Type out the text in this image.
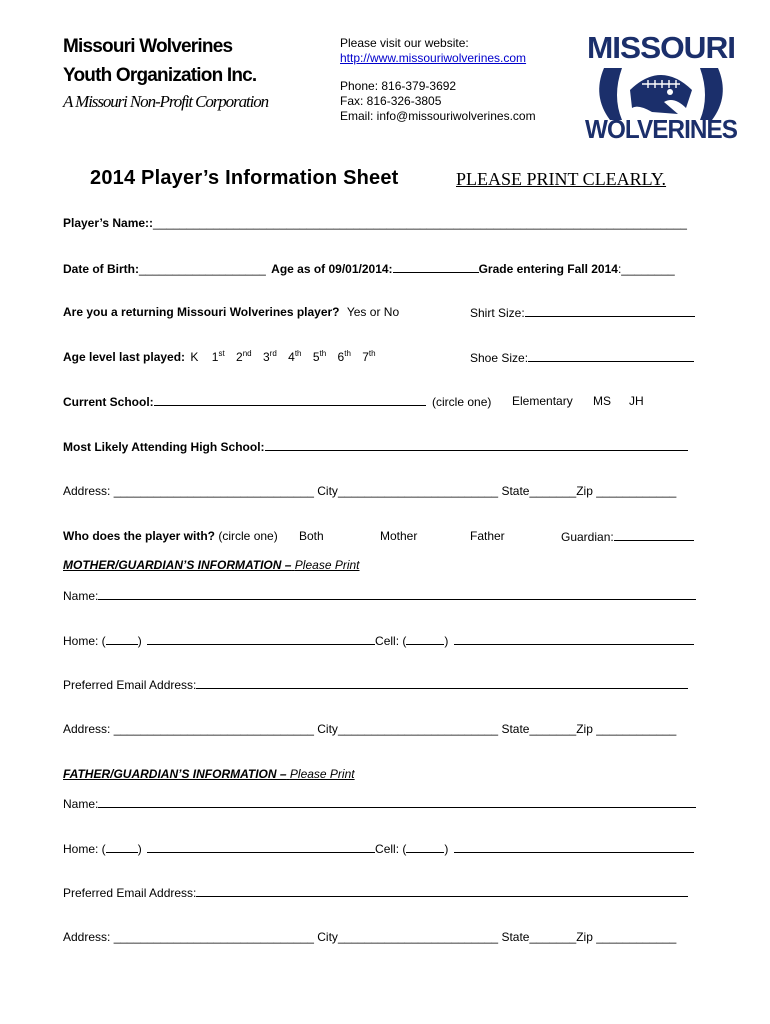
Missouri Wolverines
Youth Organization Inc.
A Missouri Non-Profit Corporation
Please visit our website:
http://www.missouriwolverines.com
Phone: 816-379-3692
Fax: 816-326-3805
Email: info@missouriwolverines.com
MISSOURI
WOLVERINES
2014 Player’s Information Sheet	PLEASE PRINT CLEARLY.
Player’s Name::________________________________________________________________________________
Date of Birth:___________________ Age as of 09/01/2014:	Grade entering Fall 2014:________
Are you a returning Missouri Wolverines player? Yes or No	Shirt Size:
Age level last played: K 1st 2nd 3rd 4th 5th 6th 7th	Shoe Size:
Current School:	(circle one) Elementary MS JH
Most Likely Attending High School:
Address: ______________________________ City________________________ State_______Zip ____________
Who does the player with? (circle one) Both	Mother	Father	Guardian:
MOTHER/GUARDIAN’S INFORMATION – Please Print
Name:
Home: (	)	Cell: (	)
Preferred Email Address:
Address: ______________________________ City________________________ State_______Zip ____________
FATHER/GUARDIAN’S INFORMATION – Please Print
Name:
Home: (	)	Cell: (	)
Preferred Email Address:
Address: ______________________________ City________________________ State_______Zip ____________
